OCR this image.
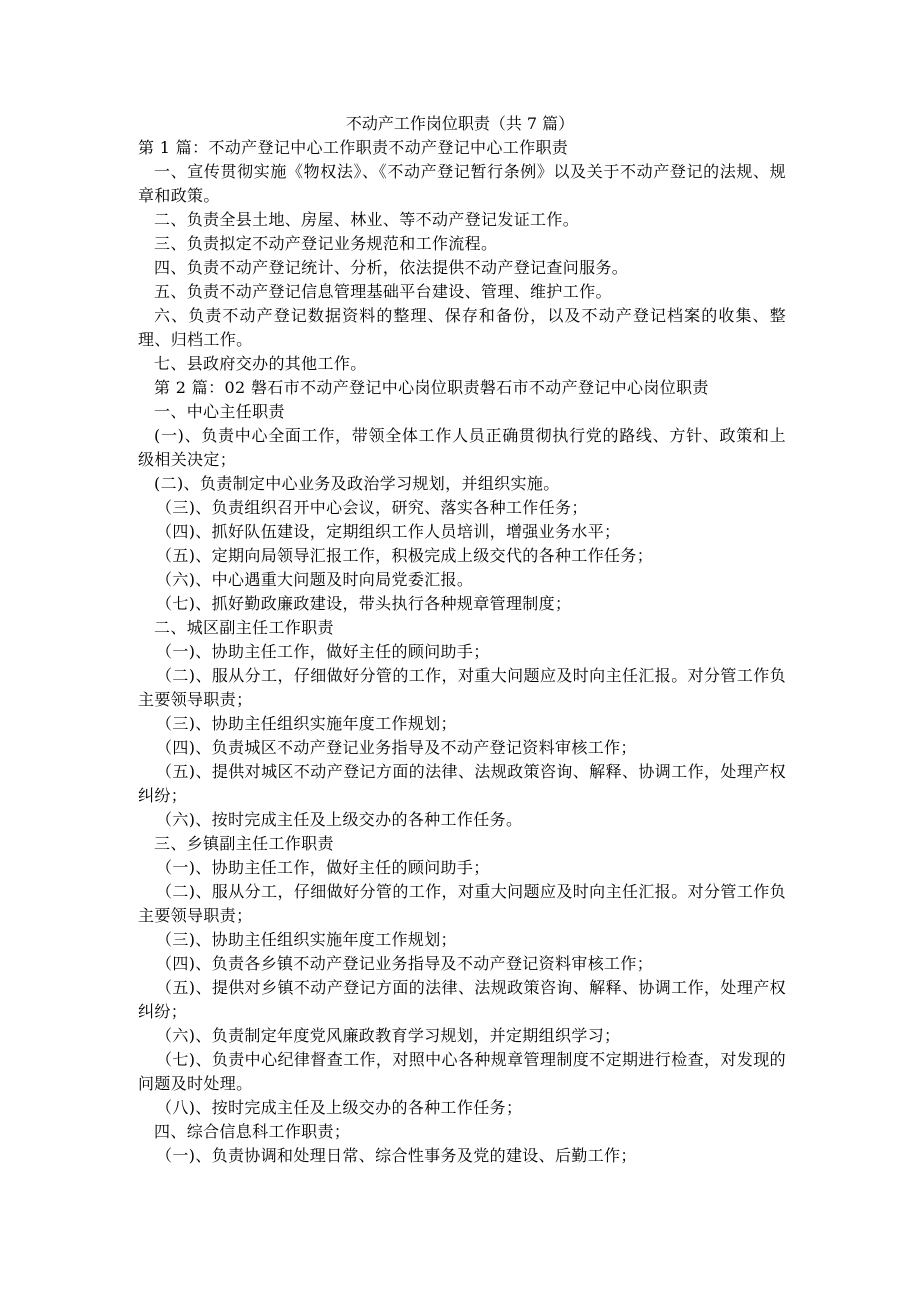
不动产工作岗位职责（共 7 篇）
第 1 篇：不动产登记中心工作职责不动产登记中心工作职责
一、宣传贯彻实施《物权法》、《不动产登记暂行条例》以及关于不动产登记的法规、规章和政策。
二、负责全县土地、房屋、林业、等不动产登记发证工作。
三、负责拟定不动产登记业务规范和工作流程。
四、负责不动产登记统计、分析，依法提供不动产登记查问服务。
五、负责不动产登记信息管理基础平台建设、管理、维护工作。
六、负责不动产登记数据资料的整理、保存和备份，以及不动产登记档案的收集、整理、归档工作。
七、县政府交办的其他工作。
第 2 篇：02 磐石市不动产登记中心岗位职责磐石市不动产登记中心岗位职责
一、中心主任职责
(一)、负责中心全面工作，带领全体工作人员正确贯彻执行党的路线、方针、政策和上级相关决定；
(二)、负责制定中心业务及政治学习规划，并组织实施。
（三)、负责组织召开中心会议，研究、落实各种工作任务；
（四)、抓好队伍建设，定期组织工作人员培训，增强业务水平；
（五)、定期向局领导汇报工作，积极完成上级交代的各种工作任务；
（六)、中心遇重大问题及时向局党委汇报。
（七)、抓好勤政廉政建设，带头执行各种规章管理制度；
二、城区副主任工作职责
（一)、协助主任工作，做好主任的顾问助手；
（二)、服从分工，仔细做好分管的工作，对重大问题应及时向主任汇报。对分管工作负主要领导职责；
（三)、协助主任组织实施年度工作规划；
（四)、负责城区不动产登记业务指导及不动产登记资料审核工作；
（五)、提供对城区不动产登记方面的法律、法规政策咨询、解释、协调工作，处理产权纠纷；
（六)、按时完成主任及上级交办的各种工作任务。
三、乡镇副主任工作职责
（一)、协助主任工作，做好主任的顾问助手；
（二)、服从分工，仔细做好分管的工作，对重大问题应及时向主任汇报。对分管工作负主要领导职责；
（三)、协助主任组织实施年度工作规划；
（四)、负责各乡镇不动产登记业务指导及不动产登记资料审核工作；
（五)、提供对乡镇不动产登记方面的法律、法规政策咨询、解释、协调工作，处理产权纠纷；
（六)、负责制定年度党风廉政教育学习规划，并定期组织学习；
（七)、负责中心纪律督查工作，对照中心各种规章管理制度不定期进行检查，对发现的问题及时处理。
（八)、按时完成主任及上级交办的各种工作任务；
四、综合信息科工作职责；
（一)、负责协调和处理日常、综合性事务及党的建设、后勤工作；
